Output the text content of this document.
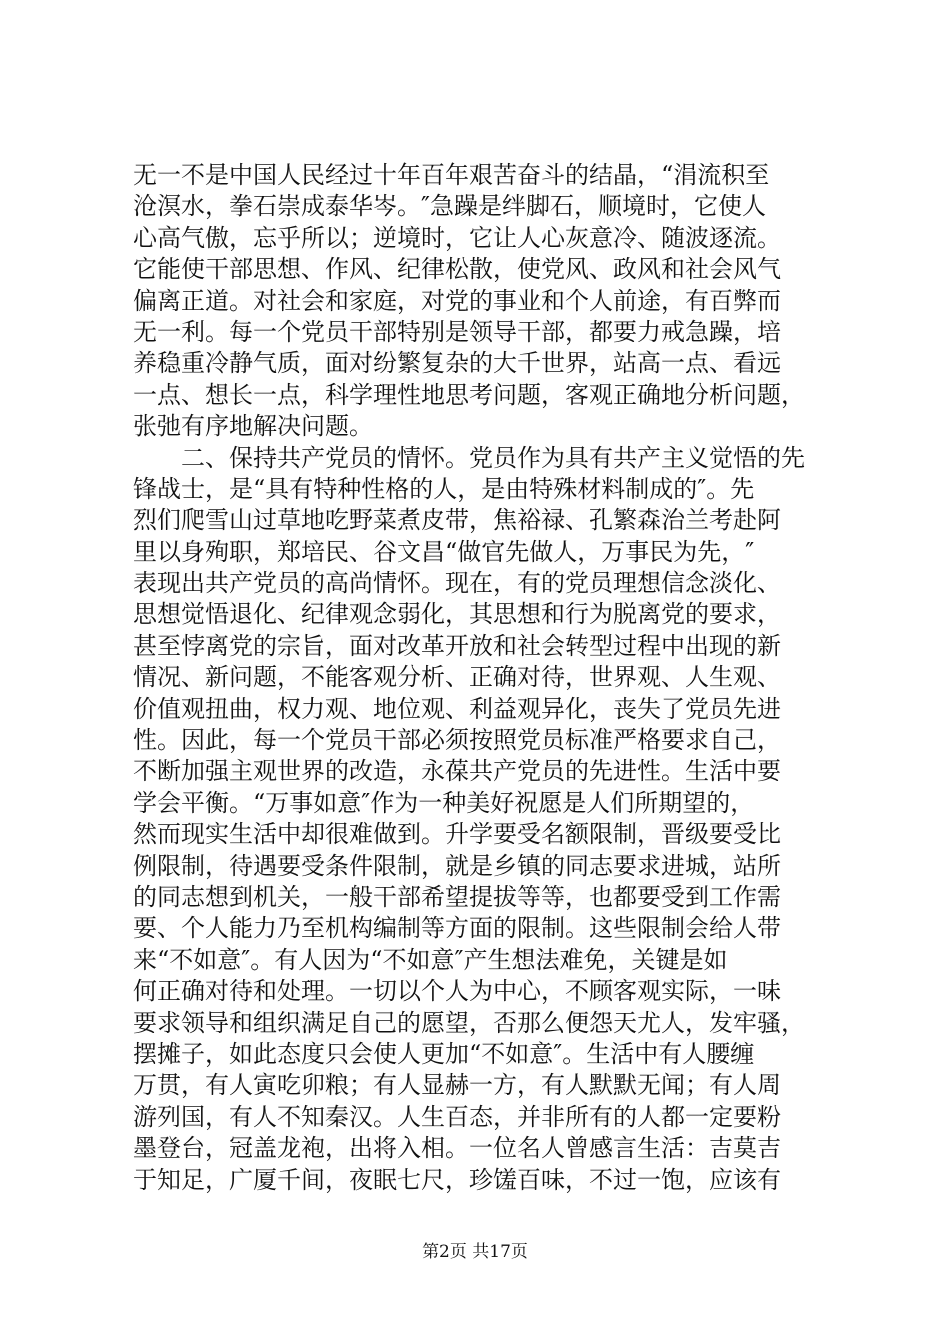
无一不是中国人民经过十年百年艰苦奋斗的结晶，“涓流积至
沧溟水，拳石崇成泰华岑。″急躁是绊脚石，顺境时，它使人
心高气傲，忘乎所以；逆境时，它让人心灰意冷、随波逐流。
它能使干部思想、作风、纪律松散，使党风、政风和社会风气
偏离正道。对社会和家庭，对党的事业和个人前途，有百弊而
无一利。每一个党员干部特别是领导干部，都要力戒急躁，培
养稳重冷静气质，面对纷繁复杂的大千世界，站高一点、看远
一点、想长一点，科学理性地思考问题，客观正确地分析问题，
张弛有序地解决问题。
二、保持共产党员的情怀。党员作为具有共产主义觉悟的先
锋战士，是“具有特种性格的人，是由特殊材料制成的″。先
烈们爬雪山过草地吃野菜煮皮带，焦裕禄、孔繁森治兰考赴阿
里以身殉职，郑培民、谷文昌“做官先做人，万事民为先，″
表现出共产党员的高尚情怀。现在，有的党员理想信念淡化、
思想觉悟退化、纪律观念弱化，其思想和行为脱离党的要求，
甚至悖离党的宗旨，面对改革开放和社会转型过程中出现的新
情况、新问题，不能客观分析、正确对待，世界观、人生观、
价值观扭曲，权力观、地位观、利益观异化，丧失了党员先进
性。因此，每一个党员干部必须按照党员标准严格要求自己，
不断加强主观世界的改造，永葆共产党员的先进性。生活中要
学会平衡。“万事如意″作为一种美好祝愿是人们所期望的，
然而现实生活中却很难做到。升学要受名额限制，晋级要受比
例限制，待遇要受条件限制，就是乡镇的同志要求进城，站所
的同志想到机关，一般干部希望提拔等等，也都要受到工作需
要、个人能力乃至机构编制等方面的限制。这些限制会给人带
来“不如意″。有人因为“不如意″产生想法难免，关键是如
何正确对待和处理。一切以个人为中心，不顾客观实际，一味
要求领导和组织满足自己的愿望，否那么便怨天尤人，发牢骚，
摆摊子，如此态度只会使人更加“不如意″。生活中有人腰缠
万贯，有人寅吃卯粮；有人显赫一方，有人默默无闻；有人周
游列国，有人不知秦汉。人生百态，并非所有的人都一定要粉
墨登台，冠盖龙袍，出将入相。一位名人曾感言生活：吉莫吉
于知足，广厦千间，夜眠七尺，珍馐百味，不过一饱，应该有
第2页 共17页
